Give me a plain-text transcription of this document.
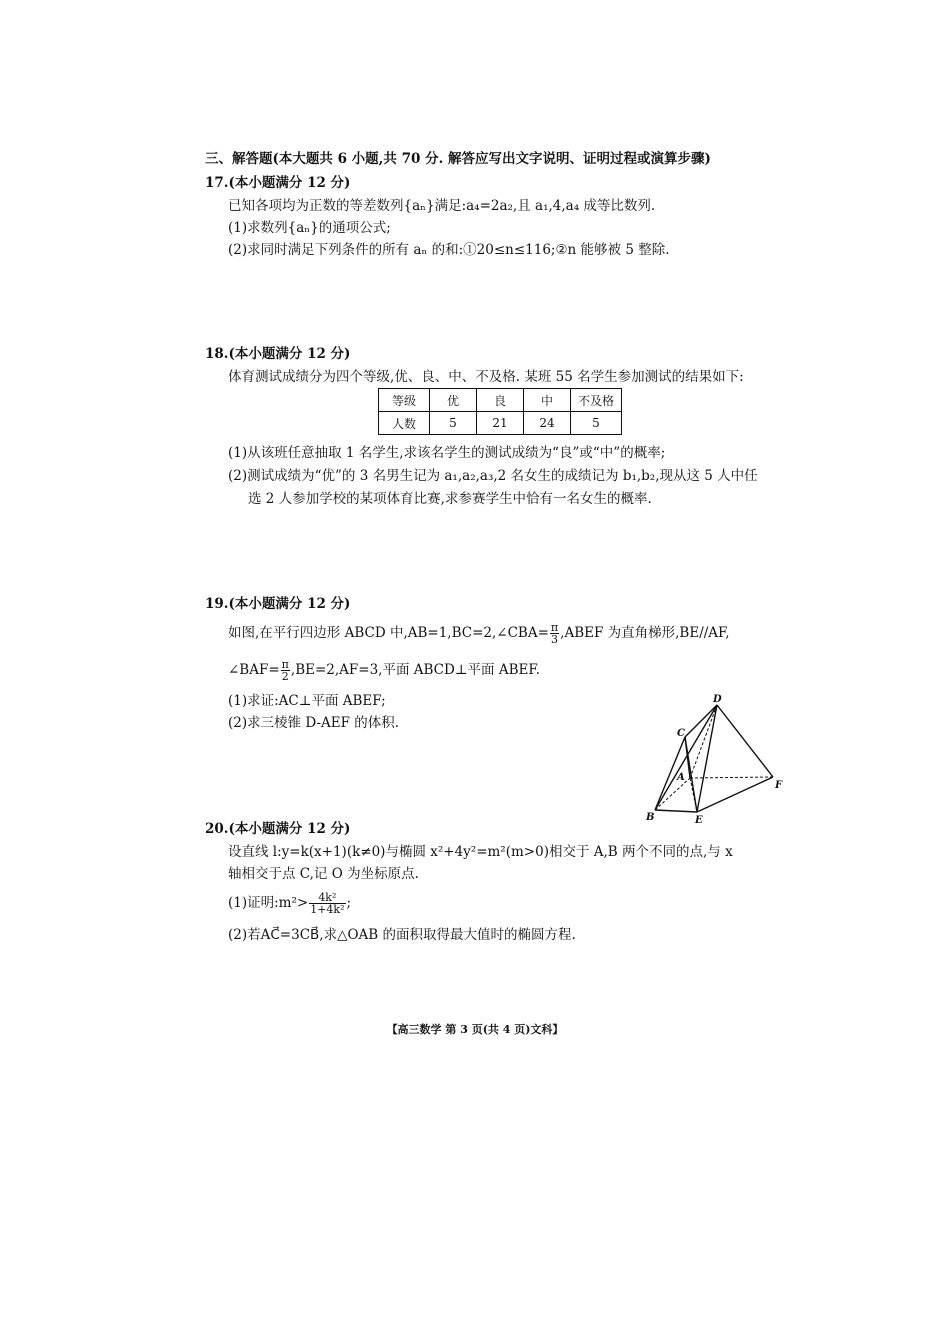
三、解答题(本大题共 6 小题,共 70 分. 解答应写出文字说明、证明过程或演算步骤)
17.(本小题满分 12 分)
已知各项均为正数的等差数列{aₙ}满足:a₄=2a₂,且 a₁,4,a₄ 成等比数列.
(1)求数列{aₙ}的通项公式;
(2)求同时满足下列条件的所有 aₙ 的和:①20≤n≤116;②n 能够被 5 整除.
18.(本小题满分 12 分)
体育测试成绩分为四个等级,优、良、中、不及格. 某班 55 名学生参加测试的结果如下:
等级	优	良	中	不及格
人数	5	21	24	5
(1)从该班任意抽取 1 名学生,求该名学生的测试成绩为“良”或“中”的概率;
(2)测试成绩为“优”的 3 名男生记为 a₁,a₂,a₃,2 名女生的成绩记为 b₁,b₂,现从这 5 人中任
选 2 人参加学校的某项体育比赛,求参赛学生中恰有一名女生的概率.
19.(本小题满分 12 分)
如图,在平行四边形 ABCD 中,AB=1,BC=2,∠CBA= $\frac{\pi}{3}$ ,ABEF 为直角梯形,BE//AF,
∠BAF= $\frac{\pi}{2} ,BE=2,AF=3$,平面 ABCD⊥平面 ABEF.
(1)求证:AC⊥平面 ABEF;
(2)求三棱锥 D-AEF 的体积.
D
C
A
F
B	E
20.(本小题满分 12 分)
设直线 l:y=k(x+1)(k≠0)与椭圆 x²+4y²=m²(m>0)相交于 A,B 两个不同的点,与 x
轴相交于点 C,记 O 为坐标原点.
(1)证明:m²> $\frac{\text{4k²}}{\text{1+4k²}}$ ;
(2)若AC⃗=3CB⃗,求△OAB 的面积取得最大值时的椭圆方程.
【高三数学 第 3 页(共 4 页)文科】
